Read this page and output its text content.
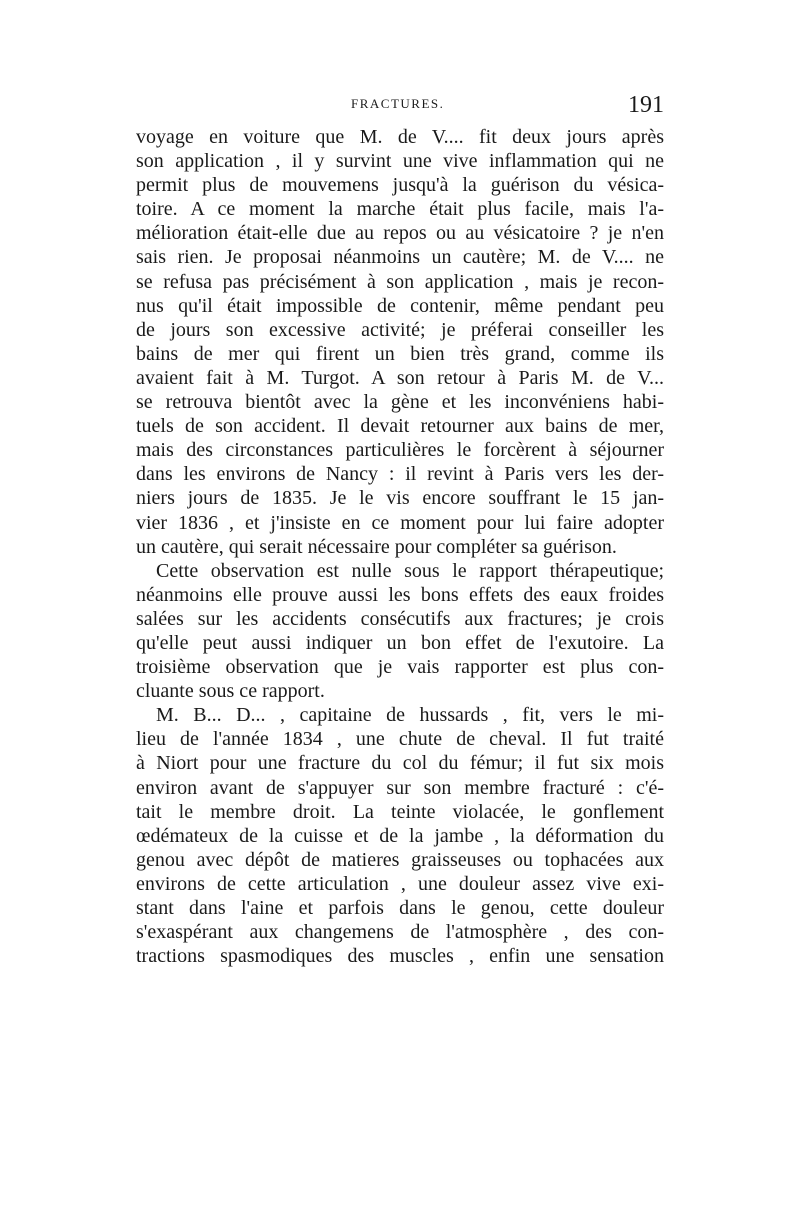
FRACTURES.	191
voyage en voiture que M. de V.... fit deux jours après
son application , il y survint une vive inflammation qui ne
permit plus de mouvemens jusqu'à la guérison du vésica-
toire. A ce moment la marche était plus facile, mais l'a-
mélioration était-elle due au repos ou au vésicatoire ? je n'en
sais rien. Je proposai néanmoins un cautère; M. de V.... ne
se refusa pas précisément à son application , mais je recon-
nus qu'il était impossible de contenir, même pendant peu
de jours son excessive activité; je préferai conseiller les
bains de mer qui firent un bien très grand, comme ils
avaient fait à M. Turgot. A son retour à Paris M. de V...
se retrouva bientôt avec la gène et les inconvéniens habi-
tuels de son accident. Il devait retourner aux bains de mer,
mais des circonstances particulières le forcèrent à séjourner
dans les environs de Nancy : il revint à Paris vers les der-
niers jours de 1835. Je le vis encore souffrant le 15 jan-
vier 1836 , et j'insiste en ce moment pour lui faire adopter
un cautère, qui serait nécessaire pour compléter sa guérison.
Cette observation est nulle sous le rapport thérapeutique;
néanmoins elle prouve aussi les bons effets des eaux froides
salées sur les accidents consécutifs aux fractures; je crois
qu'elle peut aussi indiquer un bon effet de l'exutoire. La
troisième observation que je vais rapporter est plus con-
cluante sous ce rapport.
M. B... D... , capitaine de hussards , fit, vers le mi-
lieu de l'année 1834 , une chute de cheval. Il fut traité
à Niort pour une fracture du col du fémur; il fut six mois
environ avant de s'appuyer sur son membre fracturé : c'é-
tait le membre droit. La teinte violacée, le gonflement
œdémateux de la cuisse et de la jambe , la déformation du
genou avec dépôt de matieres graisseuses ou tophacées aux
environs de cette articulation , une douleur assez vive exi-
stant dans l'aine et parfois dans le genou, cette douleur
s'exaspérant aux changemens de l'atmosphère , des con-
tractions spasmodiques des muscles , enfin une sensation
